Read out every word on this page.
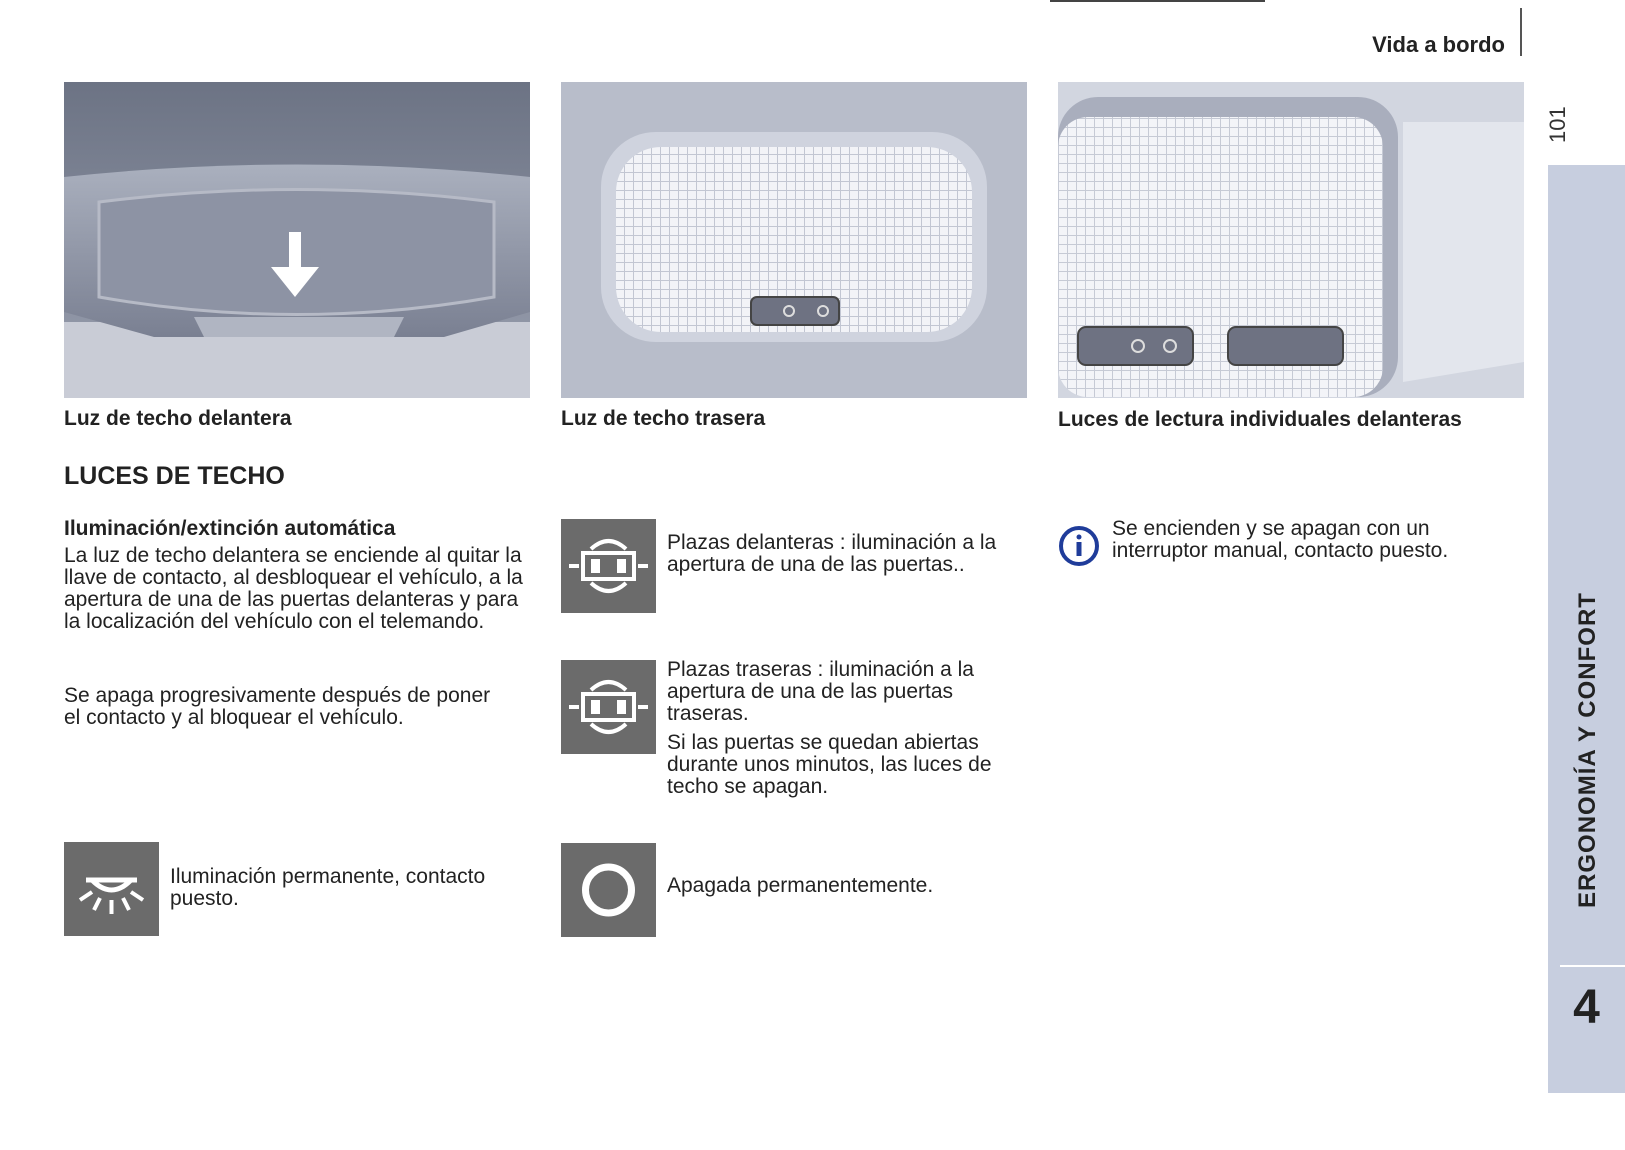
Vida a bordo
101
ERGONOMÍA Y CONFORT
4
Luz de techo delantera	Luz de techo trasera	Luces de lectura individuales delanteras
LUCES DE TECHO
Iluminación/extinción automática

La luz de techo delantera se enciende al quitar la llave de contacto, al desbloquear el vehículo, a la apertura de una de las puertas delanteras y para la localización del vehículo con el telemando.

Se apaga progresivamente después de poner el contacto y al bloquear el vehículo.

Iluminación permanente, contacto puesto.

Plazas delanteras : iluminación a la apertura de una de las puertas..

Plazas traseras : iluminación a la apertura de una de las puertas traseras.

Si las puertas se quedan abiertas durante unos minutos, las luces de techo se apagan.

Apagada permanentemente.

Se encienden y se apagan con un interruptor manual, contacto puesto.
